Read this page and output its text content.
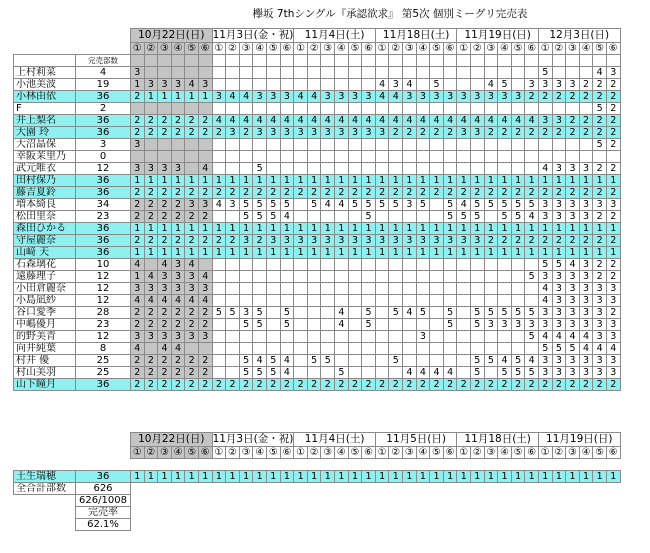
欅坂 7thシングル『承認欲求』 第5次 個別ミーグリ完売表
		10月22日(日)						11月3日(金・祝)						11月4日(土)						11月18日(土)						11月19日(日)						12月3日(日)					
		①	②	③	④	⑤	⑥	①	②	③	④	⑤	⑥	①	②	③	④	⑤	⑥	①	②	③	④	⑤	⑥	①	②	③	④	⑤	⑥	①	②	③	④	⑤	⑥
	完売部数																																				
上村莉菜	4	3																														5				4	3
小池美波	19	1	3	3	3	4	3													4	3	4		5				4	5		3	3	3	3	2	2	2
小林由依	36	2	1	1	1	1	1	3	4	4	3	3	3	4	4	3	3	3	3	4	4	3	3	3	3	3	3	3	3	3	2	2	2	2	2	2	2
F	2																																			5	2
井上梨名	36	2	2	2	2	2	2	4	4	4	4	4	4	4	4	4	4	4	4	4	4	4	4	4	4	4	4	4	4	4	4	3	3	2	2	2	2
大園 玲	36	2	2	2	2	2	2	2	3	2	3	3	3	3	3	3	3	3	3	3	2	2	2	2	2	3	3	2	2	2	2	2	2	2	2	2	2
大沼晶保	3	3																																		5	2
幸阪茉里乃	0																																				
武元唯衣	12	3	3	3	3		4				5																					4	3	3	3	2	2
田村保乃	36	1	1	1	1	1	1	1	1	1	1	1	1	1	1	1	1	1	1	1	1	1	1	1	1	1	1	1	1	1	1	1	1	1	1	1	1
藤吉夏鈴	36	2	2	2	2	2	2	2	2	2	2	2	2	2	2	2	2	2	2	2	2	2	2	2	2	2	2	2	2	2	2	2	2	2	2	2	2
増本綺良	34	2	2	2	2	3	3	4	3	5	5	5	5		5	4	4	5	5	5	5	3	5		5	4	5	5	5	5	5	3	3	3	3	3	3
松田里奈	23	2	2	2	2	2	2			5	5	5	4						5						5	5	5		5	5	4	3	3	3	3	2	2
森田ひかる	36	1	1	1	1	1	1	1	1	1	1	1	1	1	1	1	1	1	1	1	1	1	1	1	1	1	1	1	1	1	1	1	1	1	1	1	1
守屋麗奈	36	2	2	2	2	2	2	2	2	3	2	3	3	3	3	3	3	3	3	3	3	3	3	3	3	3	3	2	2	2	2	2	2	2	2	2	2
山﨑 天	36	1	1	1	1	1	1	1	1	1	1	1	1	1	1	1	1	1	1	1	1	1	1	1	1	1	1	1	1	1	1	1	1	1	1	1	1
石森璃花	10	4		4	3	4																										5	5	4	3	2	2
遠藤理子	12	1	4	3	3	3	4																								5	3	3	3	3	2	2
小田倉麗奈	12	3	3	3	3	3	3																									4	3	3	3	3	3
小島凪紗	12	4	4	4	4	4	4																									4	3	3	3	3	3
谷口愛季	28	2	2	2	2	2	2	5	5	3	5		5				4		5		5	4	5		5		5	5	5	5	5	3	3	3	3	3	2
中嶋優月	23	2	2	2	2	2	2			5	5		5				4		5						5		5	3	3	3	3	3	3	3	3	3	3
的野美青	12	3	3	3	3	3	3																3								5	4	4	4	4	3	3
向井純葉	8	4		4	4																											5	5	5	4	4	4
村井 優	25	2	2	2	2	2	2			5	4	5	4		5	5					5						5	5	4	5	4	3	3	3	3	3	3
村山美羽	25	2	2	2	2	2	2			5	5	5	4				5					4	4	4	4		5		5	5	5	3	3	3	3	3	3
山下瞳月	36	2	2	2	2	2	2	2	2	2	2	2	2	2	2	2	2	2	2	2	2	2	2	2	2	2	2	2	2	2	2	2	2	2	2	2	2
		10月22日(日)						11月3日(金・祝)						11月4日(土)						11月5日(日)						11月18日(土)						11月19日(日)					
		①	②	③	④	⑤	⑥	①	②	③	④	⑤	⑥	①	②	③	④	⑤	⑥	①	②	③	④	⑤	⑥	①	②	③	④	⑤	⑥	①	②	③	④	⑤	⑥

土生瑞穂	36	1	1	1	1	1	1	1	1	1	1	1	1	1	1	1	1	1	1	1	1	1	1	1	1	1	1	1	1	1	1	1	1	1	1	1	1
全合計部数	626																																				
	626/1008																																				
	完売率																																				
	62.1%																																				
